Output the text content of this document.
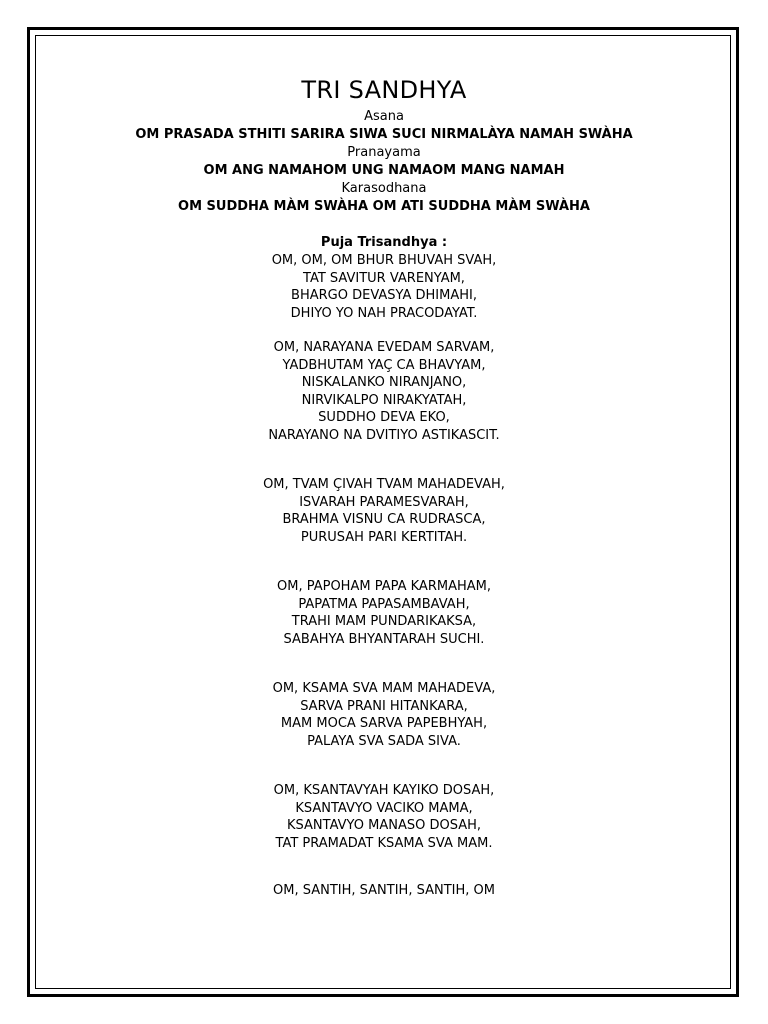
TRI SANDHYA
Asana
OM PRASADA STHITI SARIRA SIWA SUCI NIRMALÀYA NAMAH SWÀHA
Pranayama
OM ANG NAMAHOM UNG NAMAOM MANG NAMAH
Karasodhana
OM SUDDHA MÀM SWÀHA OM ATI SUDDHA MÀM SWÀHA
Puja Trisandhya :
OM, OM, OM BHUR BHUVAH SVAH,
TAT SAVITUR VARENYAM,
BHARGO DEVASYA DHIMAHI,
DHIYO YO NAH PRACODAYAT.
OM, NARAYANA EVEDAM SARVAM,
YADBHUTAM YAÇ CA BHAVYAM,
NISKALANKO NIRANJANO,
NIRVIKALPO NIRAKYATAH,
SUDDHO DEVA EKO,
NARAYANO NA DVITIYO ASTIKASCIT.
OM, TVAM ÇIVAH TVAM MAHADEVAH,
ISVARAH PARAMESVARAH,
BRAHMA VISNU CA RUDRASCA,
PURUSAH PARI KERTITAH.
OM, PAPOHAM PAPA KARMAHAM,
PAPATMA PAPASAMBAVAH,
TRAHI MAM PUNDARIKAKSA,
SABAHYA BHYANTARAH SUCHI.
OM, KSAMA SVA MAM MAHADEVA,
SARVA PRANI HITANKARA,
MAM MOCA SARVA PAPEBHYAH,
PALAYA SVA SADA SIVA.
OM, KSANTAVYAH KAYIKO DOSAH,
KSANTAVYO VACIKO MAMA,
KSANTAVYO MANASO DOSAH,
TAT PRAMADAT KSAMA SVA MAM.
OM, SANTIH, SANTIH, SANTIH, OM
